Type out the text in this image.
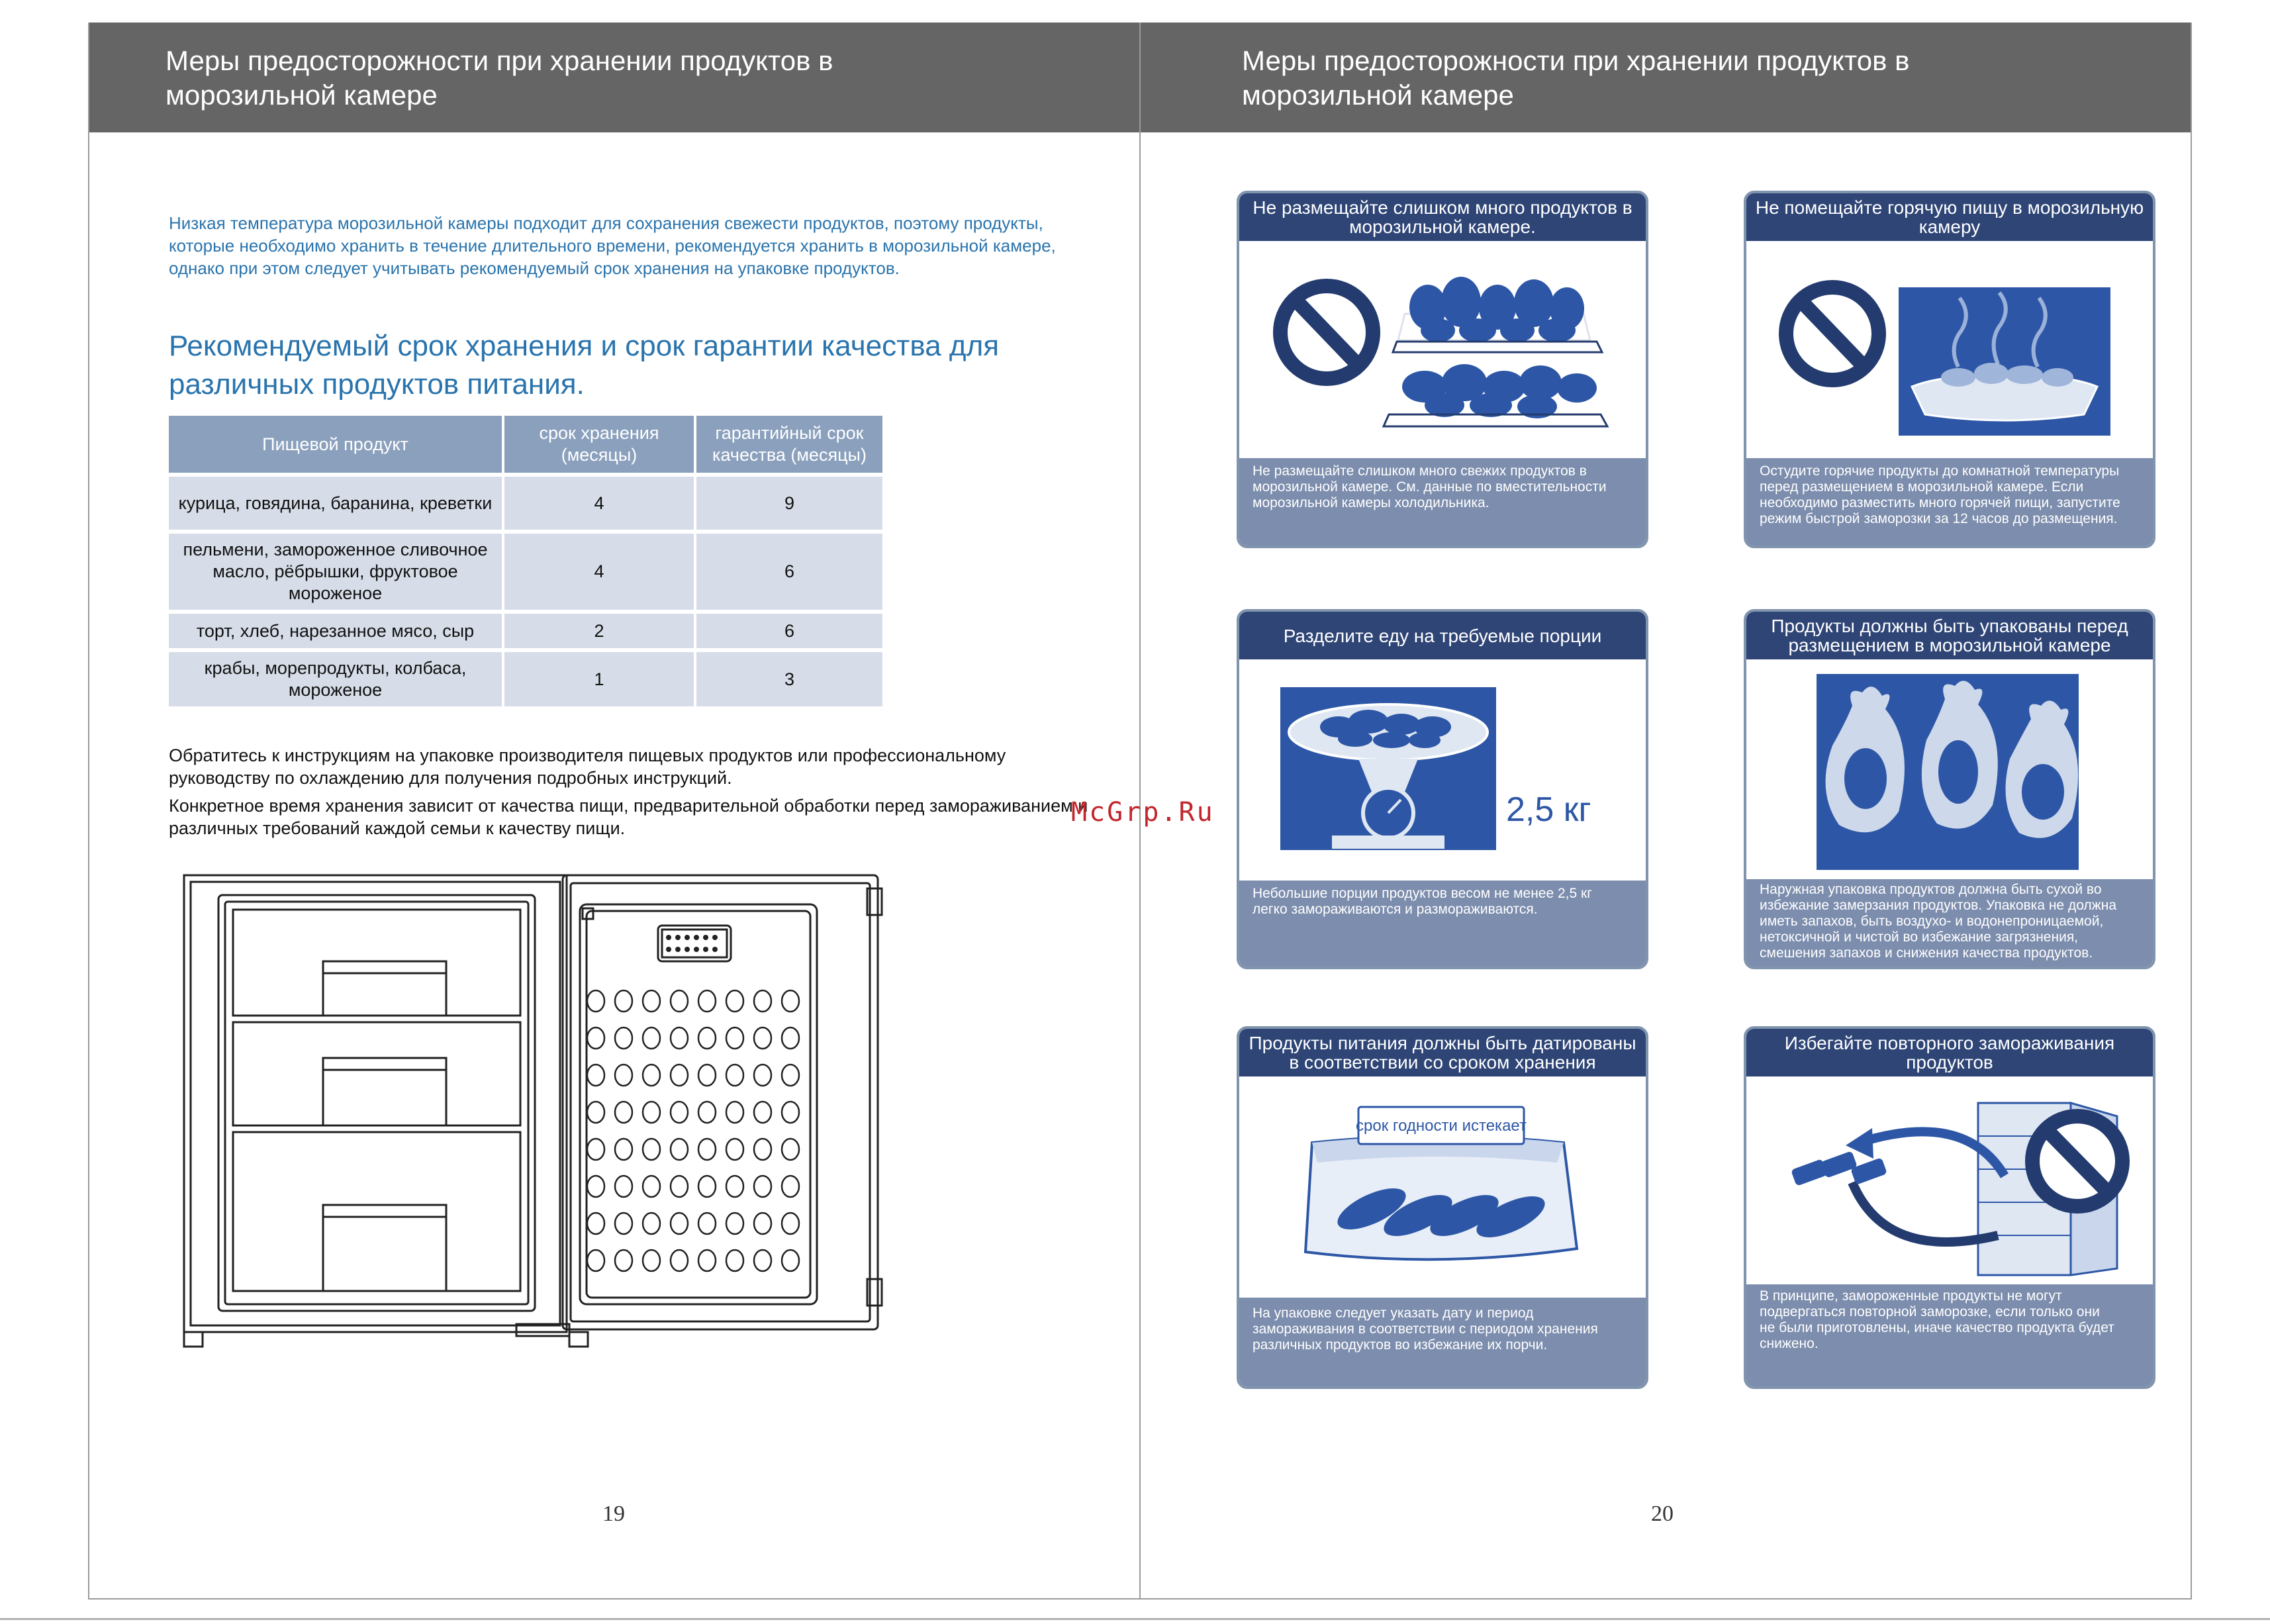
Меры предосторожности при хранении продуктов в
морозильной камере
Меры предосторожности при хранении продуктов в
морозильной камере
Низкая температура морозильной камеры подходит для сохранения свежести продуктов, поэтому продукты, которые необходимо хранить в течение длительного времени, рекомендуется хранить в морозильной камере, однако при этом следует учитывать рекомендуемый срок хранения на упаковке продуктов.
Рекомендуемый срок хранения и срок гарантии качества для различных продуктов питания.
Пищевой продукт	срок хранения (месяцы)	гарантийный срок качества (месяцы)
курица, говядина, баранина, креветки	4	9
пельмени, замороженное сливочное масло, рёбрышки, фруктовое мороженое	4	6
торт, хлеб, нарезанное мясо, сыр	2	6
крабы, морепродукты, колбаса, мороженое	1	3
Обратитесь к инструкциям на упаковке производителя пищевых продуктов или профессиональному руководству по охлаждению для получения подробных инструкций.
Конкретное время хранения зависит от качества пищи, предварительной обработки перед замораживанием и различных требований каждой семьи к качеству пищи.
19
McGrp.Ru
Не размещайте слишком много продуктов в морозильной камере.
Не размещайте слишком много свежих продуктов в
морозильной камере. См. данные по вместительности
морозильной камеры холодильника.
Не помещайте горячую пищу в морозильную камеру
Остудите горячие продукты до комнатной температуры
перед размещением в морозильной камере. Если
необходимо разместить много горячей пищи, запустите
режим быстрой заморозки за 12 часов до размещения.
Разделите еду на требуемые порции
≤ 2,5 кг
Небольшие порции продуктов весом не менее 2,5 кг
легко замораживаются и размораживаются.
Продукты должны быть упакованы перед размещением в морозильной камере
Наружная упаковка продуктов должна быть сухой во
избежание замерзания продуктов. Упаковка не должна
иметь запахов, быть воздухо- и водонепроницаемой,
нетоксичной и чистой во избежание загрязнения,
смешения запахов и снижения качества продуктов.
Продукты питания должны быть датированы в соответствии со сроком хранения
срок годности истекает
На упаковке следует указать дату и период
замораживания в соответствии с периодом хранения
различных продуктов во избежание их порчи.
Избегайте повторного замораживания продуктов
В принципе, замороженные продукты не могут
подвергаться повторной заморозке, если только они
не были приготовлены, иначе качество продукта будет
снижено.
20
